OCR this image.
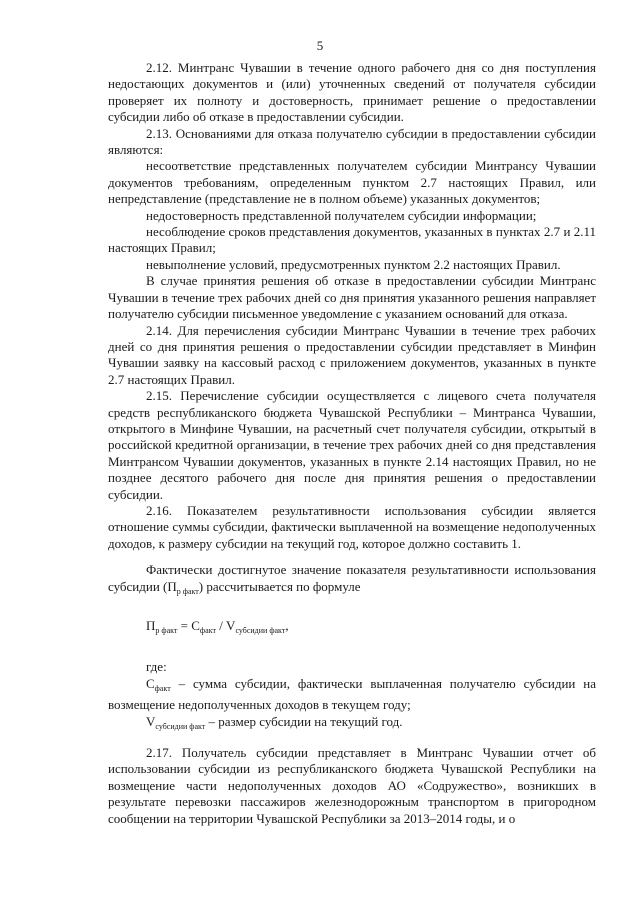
5

2.12. Минтранс Чувашии в течение одного рабочего дня со дня поступления недостающих документов и (или) уточненных сведений от получателя субсидии проверяет их полноту и достоверность, принимает решение о предоставлении субсидии либо об отказе в предоставлении субсидии.

2.13. Основаниями для отказа получателю субсидии в предоставлении субсидии являются:

несоответствие представленных получателем субсидии Минтрансу Чувашии документов требованиям, определенным пунктом 2.7 настоящих Правил, или непредставление (представление не в полном объеме) указанных документов;

недостоверность представленной получателем субсидии информации;

несоблюдение сроков представления документов, указанных в пунктах 2.7 и 2.11 настоящих Правил;

невыполнение условий, предусмотренных пунктом 2.2 настоящих Правил.

В случае принятия решения об отказе в предоставлении субсидии Минтранс Чувашии в течение трех рабочих дней со дня принятия указанного решения направляет получателю субсидии письменное уведомление с указанием оснований для отказа.

2.14. Для перечисления субсидии Минтранс Чувашии в течение трех рабочих дней со дня принятия решения о предоставлении субсидии представляет в Минфин Чувашии заявку на кассовый расход с приложением документов, указанных в пункте 2.7 настоящих Правил.

2.15. Перечисление субсидии осуществляется с лицевого счета получателя средств республиканского бюджета Чувашской Республики – Минтранса Чувашии, открытого в Минфине Чувашии, на расчетный счет получателя субсидии, открытый в российской кредитной организации, в течение трех рабочих дней со дня представления Минтрансом Чувашии документов, указанных в пункте 2.14 настоящих Правил, но не позднее десятого рабочего дня после дня принятия решения о предоставлении субсидии.

2.16. Показателем результативности использования субсидии является отношение суммы субсидии, фактически выплаченной на возмещение недополученных доходов, к размеру субсидии на текущий год, которое должно составить 1.

Фактически достигнутое значение показателя результативности использования субсидии $(П_{р факт})$ рассчитывается по формуле

$П_{р факт} = С_{факт} / V_{субсидии факт}$,

где:

$С_{факт}$ – сумма субсидии, фактически выплаченная получателю субсидии на возмещение недополученных доходов в текущем году;

$V_{субсидии факт}$ – размер субсидии на текущий год.

2.17. Получатель субсидии представляет в Минтранс Чувашии отчет об использовании субсидии из республиканского бюджета Чувашской Республики на возмещение части недополученных доходов АО «Содружество», возникших в результате перевозки пассажиров железнодорожным транспортом в пригородном сообщении на территории Чувашской Республики за 2013–2014 годы, и о
